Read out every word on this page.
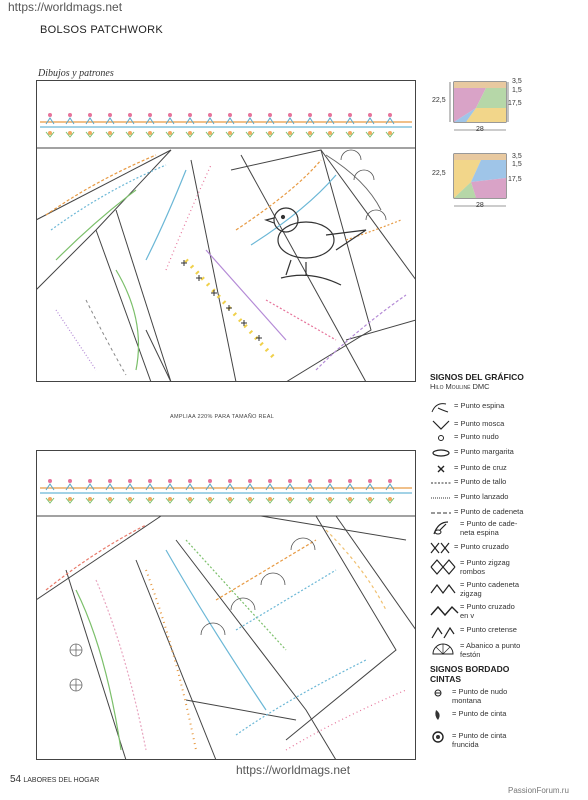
https://worldmags.net
BOLSOS PATCHWORK
Dibujos y patrones
AMPLIAA 220% PARA TAMAÑO REAL
22,5
28
3,5
1,5
17,5
22,5
28
3,5
1,5
17,5
SIGNOS DEL GRÁFICO
Hilo Mouliné DMC
= Punto espina
= Punto mosca
= Punto nudo
= Punto margarita
= Punto de cruz
= Punto de tallo
= Punto lanzado
= Punto de cadeneta
= Punto de cade-
neta espina
= Punto cruzado
= Punto zigzag
rombos
= Punto cadeneta
zigzag
= Punto cruzado
en v
= Punto cretense
= Abanico a punto
festón
SIGNOS BORDADO
CINTAS
= Punto de nudo
montana
= Punto de cinta
= Punto de cinta
fruncida
54 LABORES DEL HOGAR
https://worldmags.net
PassionForum.ru
